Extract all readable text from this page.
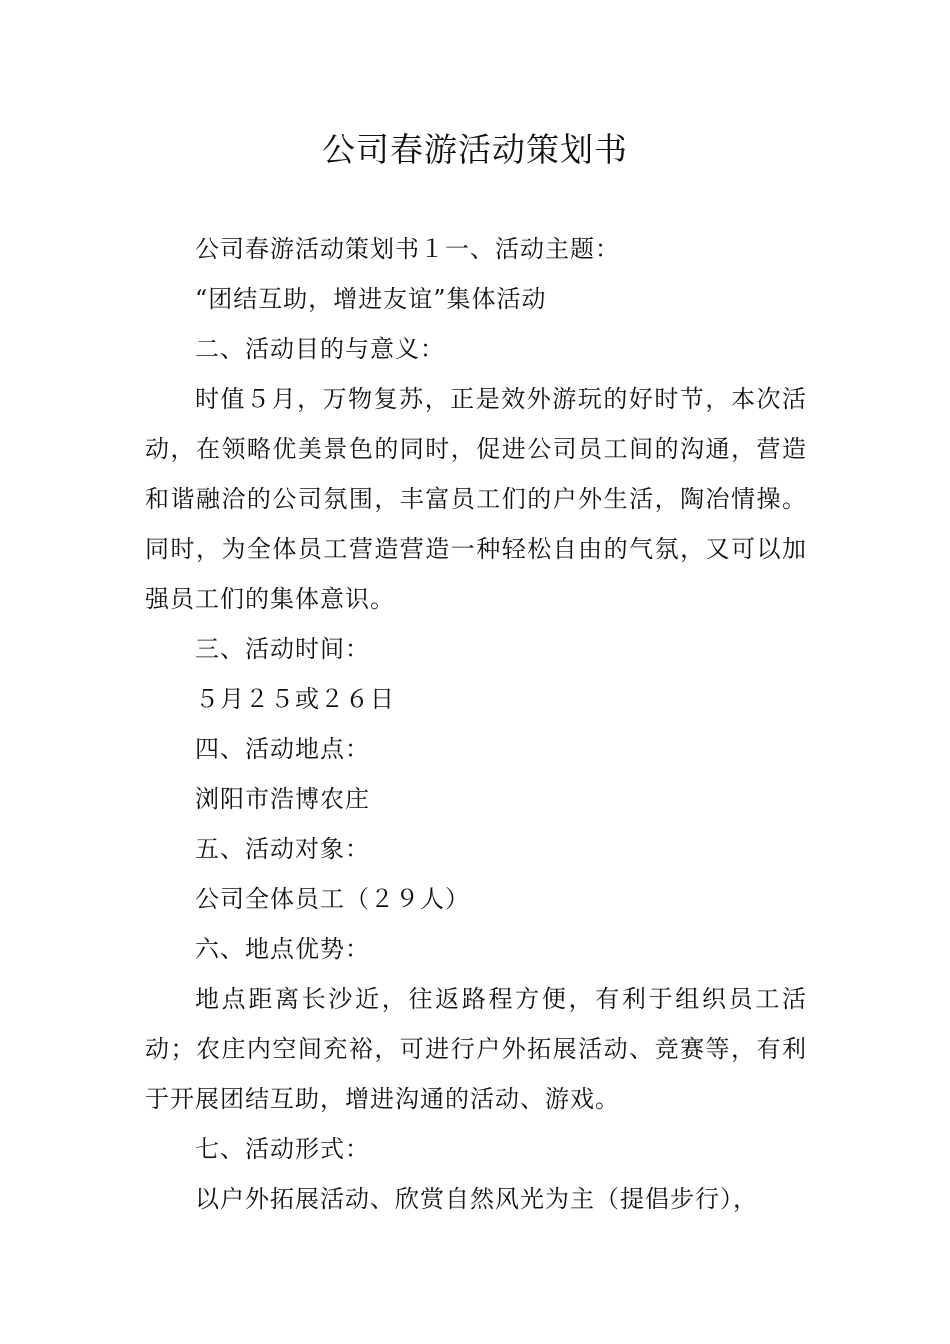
公司春游活动策划书

公司春游活动策划书１一、活动主题：

“团结互助，增进友谊”集体活动

二、活动目的与意义：

时值５月，万物复苏，正是效外游玩的好时节，本次活动，在领略优美景色的同时，促进公司员工间的沟通，营造和谐融洽的公司氛围，丰富员工们的户外生活，陶冶情操。同时，为全体员工营造营造一种轻松自由的气氛，又可以加强员工们的集体意识。

三、活动时间：

５月２５或２６日

四、活动地点：

浏阳市浩博农庄

五、活动对象：

公司全体员工（２９人）

六、地点优势：

地点距离长沙近，往返路程方便，有利于组织员工活动；农庄内空间充裕，可进行户外拓展活动、竞赛等，有利于开展团结互助，增进沟通的活动、游戏。

七、活动形式：

以户外拓展活动、欣赏自然风光为主（提倡步行），
